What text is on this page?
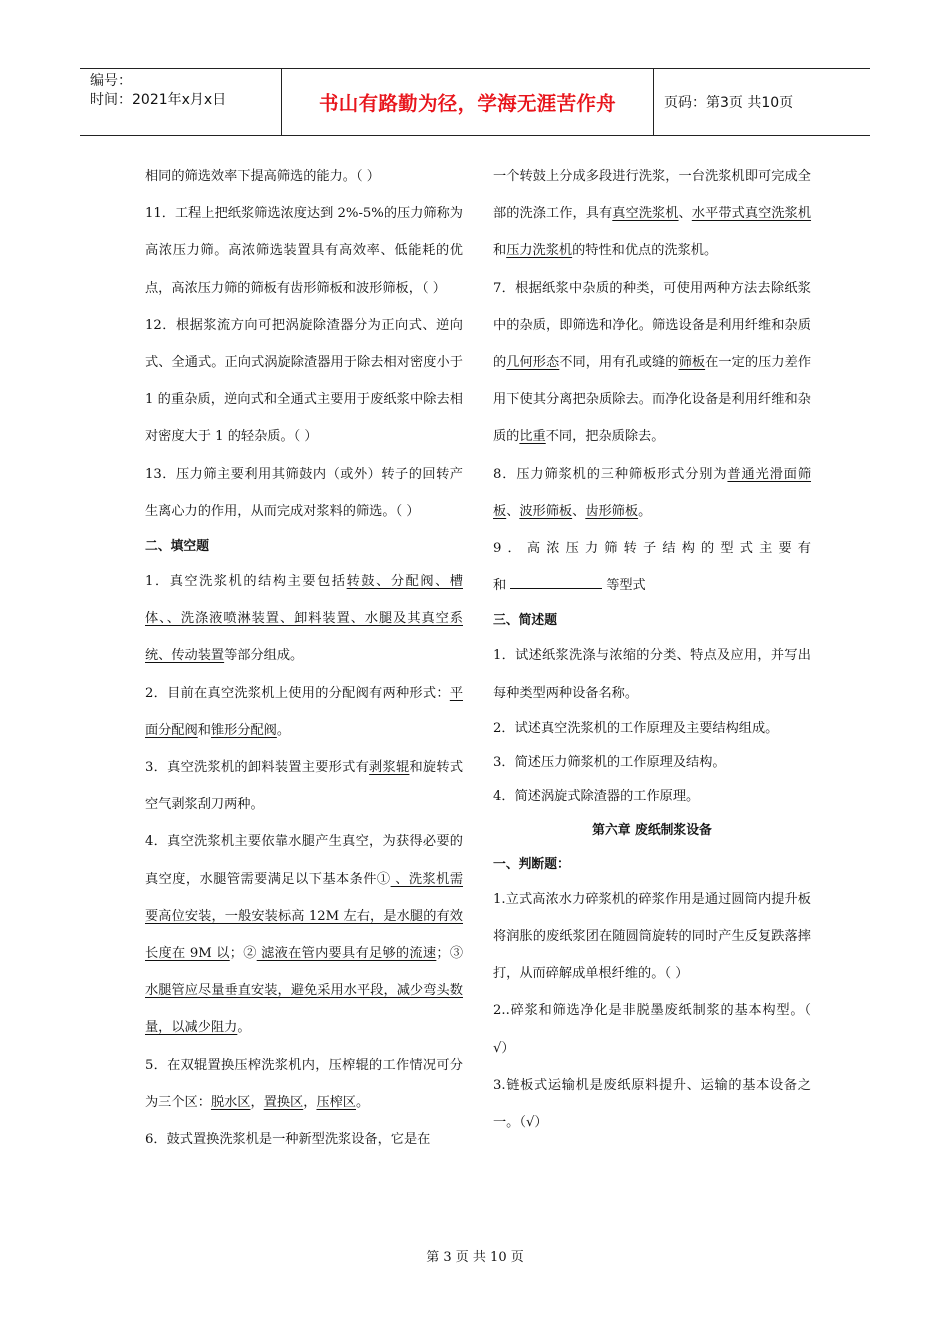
编号：
时间：2021年x月x日	书山有路勤为径，学海无涯苦作舟	页码：第3页 共10页

相同的筛选效率下提高筛选的能力。（ ）

11．工程上把纸浆筛选浓度达到 2%-5%的压力筛称为高浓压力筛。高浓筛选装置具有高效率、低能耗的优点，高浓压力筛的筛板有齿形筛板和波形筛板，（ ）

12．根据浆流方向可把涡旋除渣器分为正向式、逆向式、全通式。正向式涡旋除渣器用于除去相对密度小于 1 的重杂质，逆向式和全通式主要用于废纸浆中除去相对密度大于 1 的轻杂质。（ ）

13．压力筛主要利用其筛鼓内（或外）转子的回转产生离心力的作用，从而完成对浆料的筛选。（ ）

二、填空题

1．真空洗浆机的结构主要包括转鼓、分配阀、槽体、、洗涤液喷淋装置、卸料装置、水腿及其真空系统、传动装置等部分组成。

2．目前在真空洗浆机上使用的分配阀有两种形式：平面分配阀和锥形分配阀。

3．真空洗浆机的卸料装置主要形式有剥浆辊和旋转式空气剥浆刮刀两种。

4．真空洗浆机主要依靠水腿产生真空，为获得必要的真空度，水腿管需要满足以下基本条件① 、洗浆机需要高位安装，一般安装标高 12M 左右，是水腿的有效长度在 9M 以；② 滤液在管内要具有足够的流速；③ 水腿管应尽量垂直安装，避免采用水平段，减少弯头数量，以减少阻力。

5．在双辊置换压榨洗浆机内，压榨辊的工作情况可分为三个区：脱水区，置换区，压榨区。

6．鼓式置换洗浆机是一种新型洗浆设备，它是在

一个转鼓上分成多段进行洗浆，一台洗浆机即可完成全部的洗涤工作，具有真空洗浆机、水平带式真空洗浆机和压力洗浆机的特性和优点的洗浆机。

7．根据纸浆中杂质的种类，可使用两种方法去除纸浆中的杂质，即筛选和净化。筛选设备是利用纤维和杂质的几何形态不同，用有孔或缝的筛板在一定的压力差作用下使其分离把杂质除去。而净化设备是利用纤维和杂质的比重不同，把杂质除去。

8．压力筛浆机的三种筛板形式分别为普通光滑面筛板、波形筛板、齿形筛板。

9．高浓压力筛转子结构的型式主要有

和	等型式

三、简述题

1．试述纸浆洗涤与浓缩的分类、特点及应用，并写出每种类型两种设备名称。

2．试述真空洗浆机的工作原理及主要结构组成。

3．简述压力筛浆机的工作原理及结构。

4．简述涡旋式除渣器的工作原理。

第六章 废纸制浆设备

一、判断题：

1.立式高浓水力碎浆机的碎浆作用是通过圆筒内提升板将润胀的废纸浆团在随圆筒旋转的同时产生反复跌落摔打，从而碎解成单根纤维的。（ ）

2..碎浆和筛选净化是非脱墨废纸制浆的基本构型。（ √）

3.链板式运输机是废纸原料提升、运输的基本设备之一。（√）

第 3 页 共 10 页
